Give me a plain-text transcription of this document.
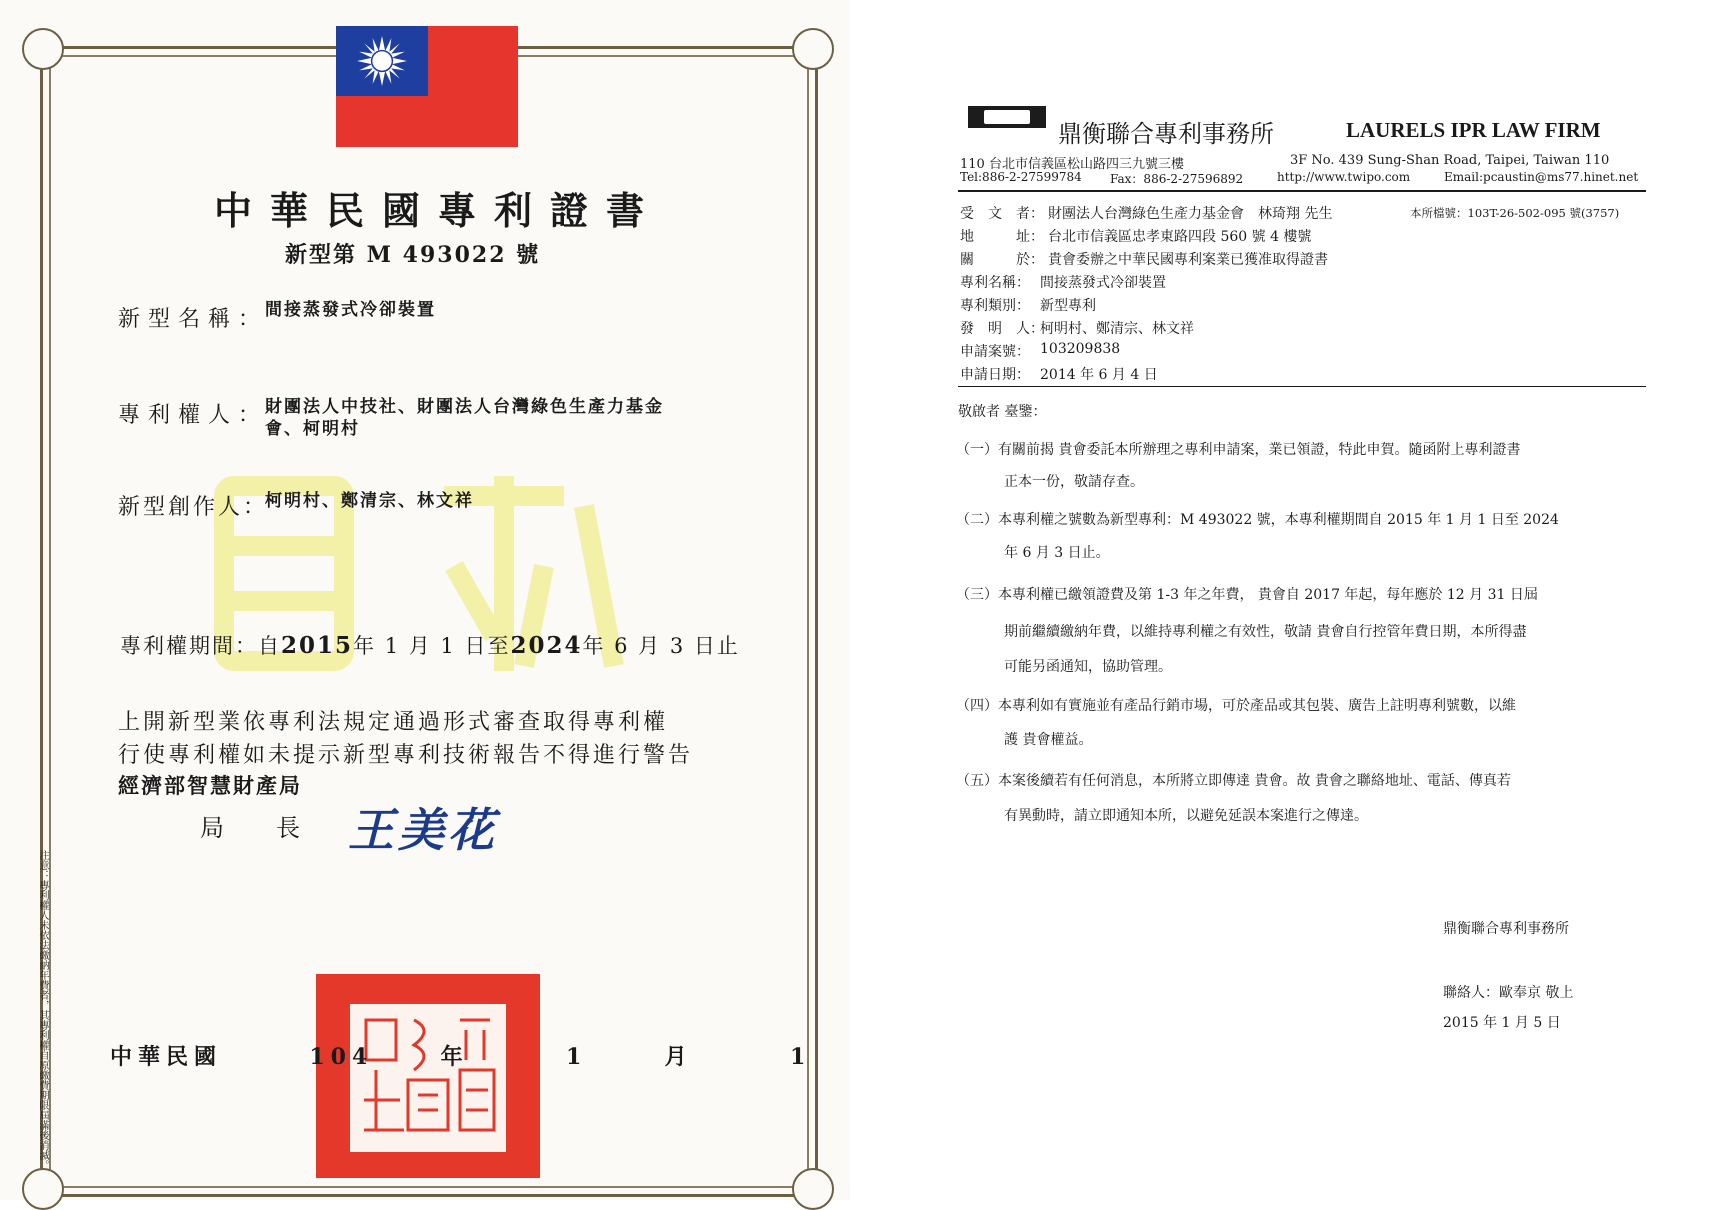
中華民國專利證書
新型第 M 493022 號
新型名稱：
間接蒸發式冷卻裝置
專利權人：
財團法人中技社、財團法人台灣綠色生產力基金
會、柯明村
新型創作人：
柯明村、鄭清宗、林文祥
專利權期間：自2015年 1 月 1 日至2024年 6 月 3 日止
上開新型業依專利法規定通過形式審查取得專利權
行使專利權如未提示新型專利技術報告不得進行警告
經濟部智慧財產局
局　長 王美花
中華民國	104	年	1	月	1
注意：專利權人未依法繳納年費者，其專利權自原繳費期限屆滿後消滅。
鼎衡聯合專利事務所	LAURELS IPR LAW FIRM
110 台北市信義區松山路四三九號三樓	3F No. 439 Sung-Shan Road, Taipei, Taiwan 110
Tel:886-2-27599784 Fax：886-2-27596892	http://www.twipo.com	Email:pcaustin@ms77.hinet.net
受　文　者： 財團法人台灣綠色生產力基金會　林琦翔 先生	本所檔號：103T-26-502-095 號(3757)
地　　　址： 台北市信義區忠孝東路四段 560 號 4 樓號
關　　　於： 貴會委辦之中華民國專利案業已獲准取得證書
專利名稱： 間接蒸發式冷卻裝置
專利類別： 新型專利
發　明　人：
柯明村、鄭清宗、林文祥
申請案號： 103209838
申請日期： 2014 年 6 月 4 日
敬啟者 臺鑒：
（一）有關前揭 貴會委託本所辦理之專利申請案，業已領證，特此申賀。隨函附上專利證書
正本一份，敬請存查。
（二）本專利權之號數為新型專利：M 493022 號，本專利權期間自 2015 年 1 月 1 日至 2024
年 6 月 3 日止。
（三）本專利權已繳領證費及第 1-3 年之年費， 貴會自 2017 年起，每年應於 12 月 31 日屆
期前繼續繳納年費，以維持專利權之有效性，敬請 貴會自行控管年費日期，本所得盡
可能另函通知，協助管理。
（四）本專利如有實施並有產品行銷市場，可於產品或其包裝、廣告上註明專利號數，以維
護 貴會權益。
（五）本案後續若有任何消息，本所將立即傳達 貴會。故 貴會之聯絡地址、電話、傳真若
有異動時，請立即通知本所，以避免延誤本案進行之傳達。
鼎衡聯合專利事務所
聯絡人：歐奉京 敬上
2015 年 1 月 5 日
